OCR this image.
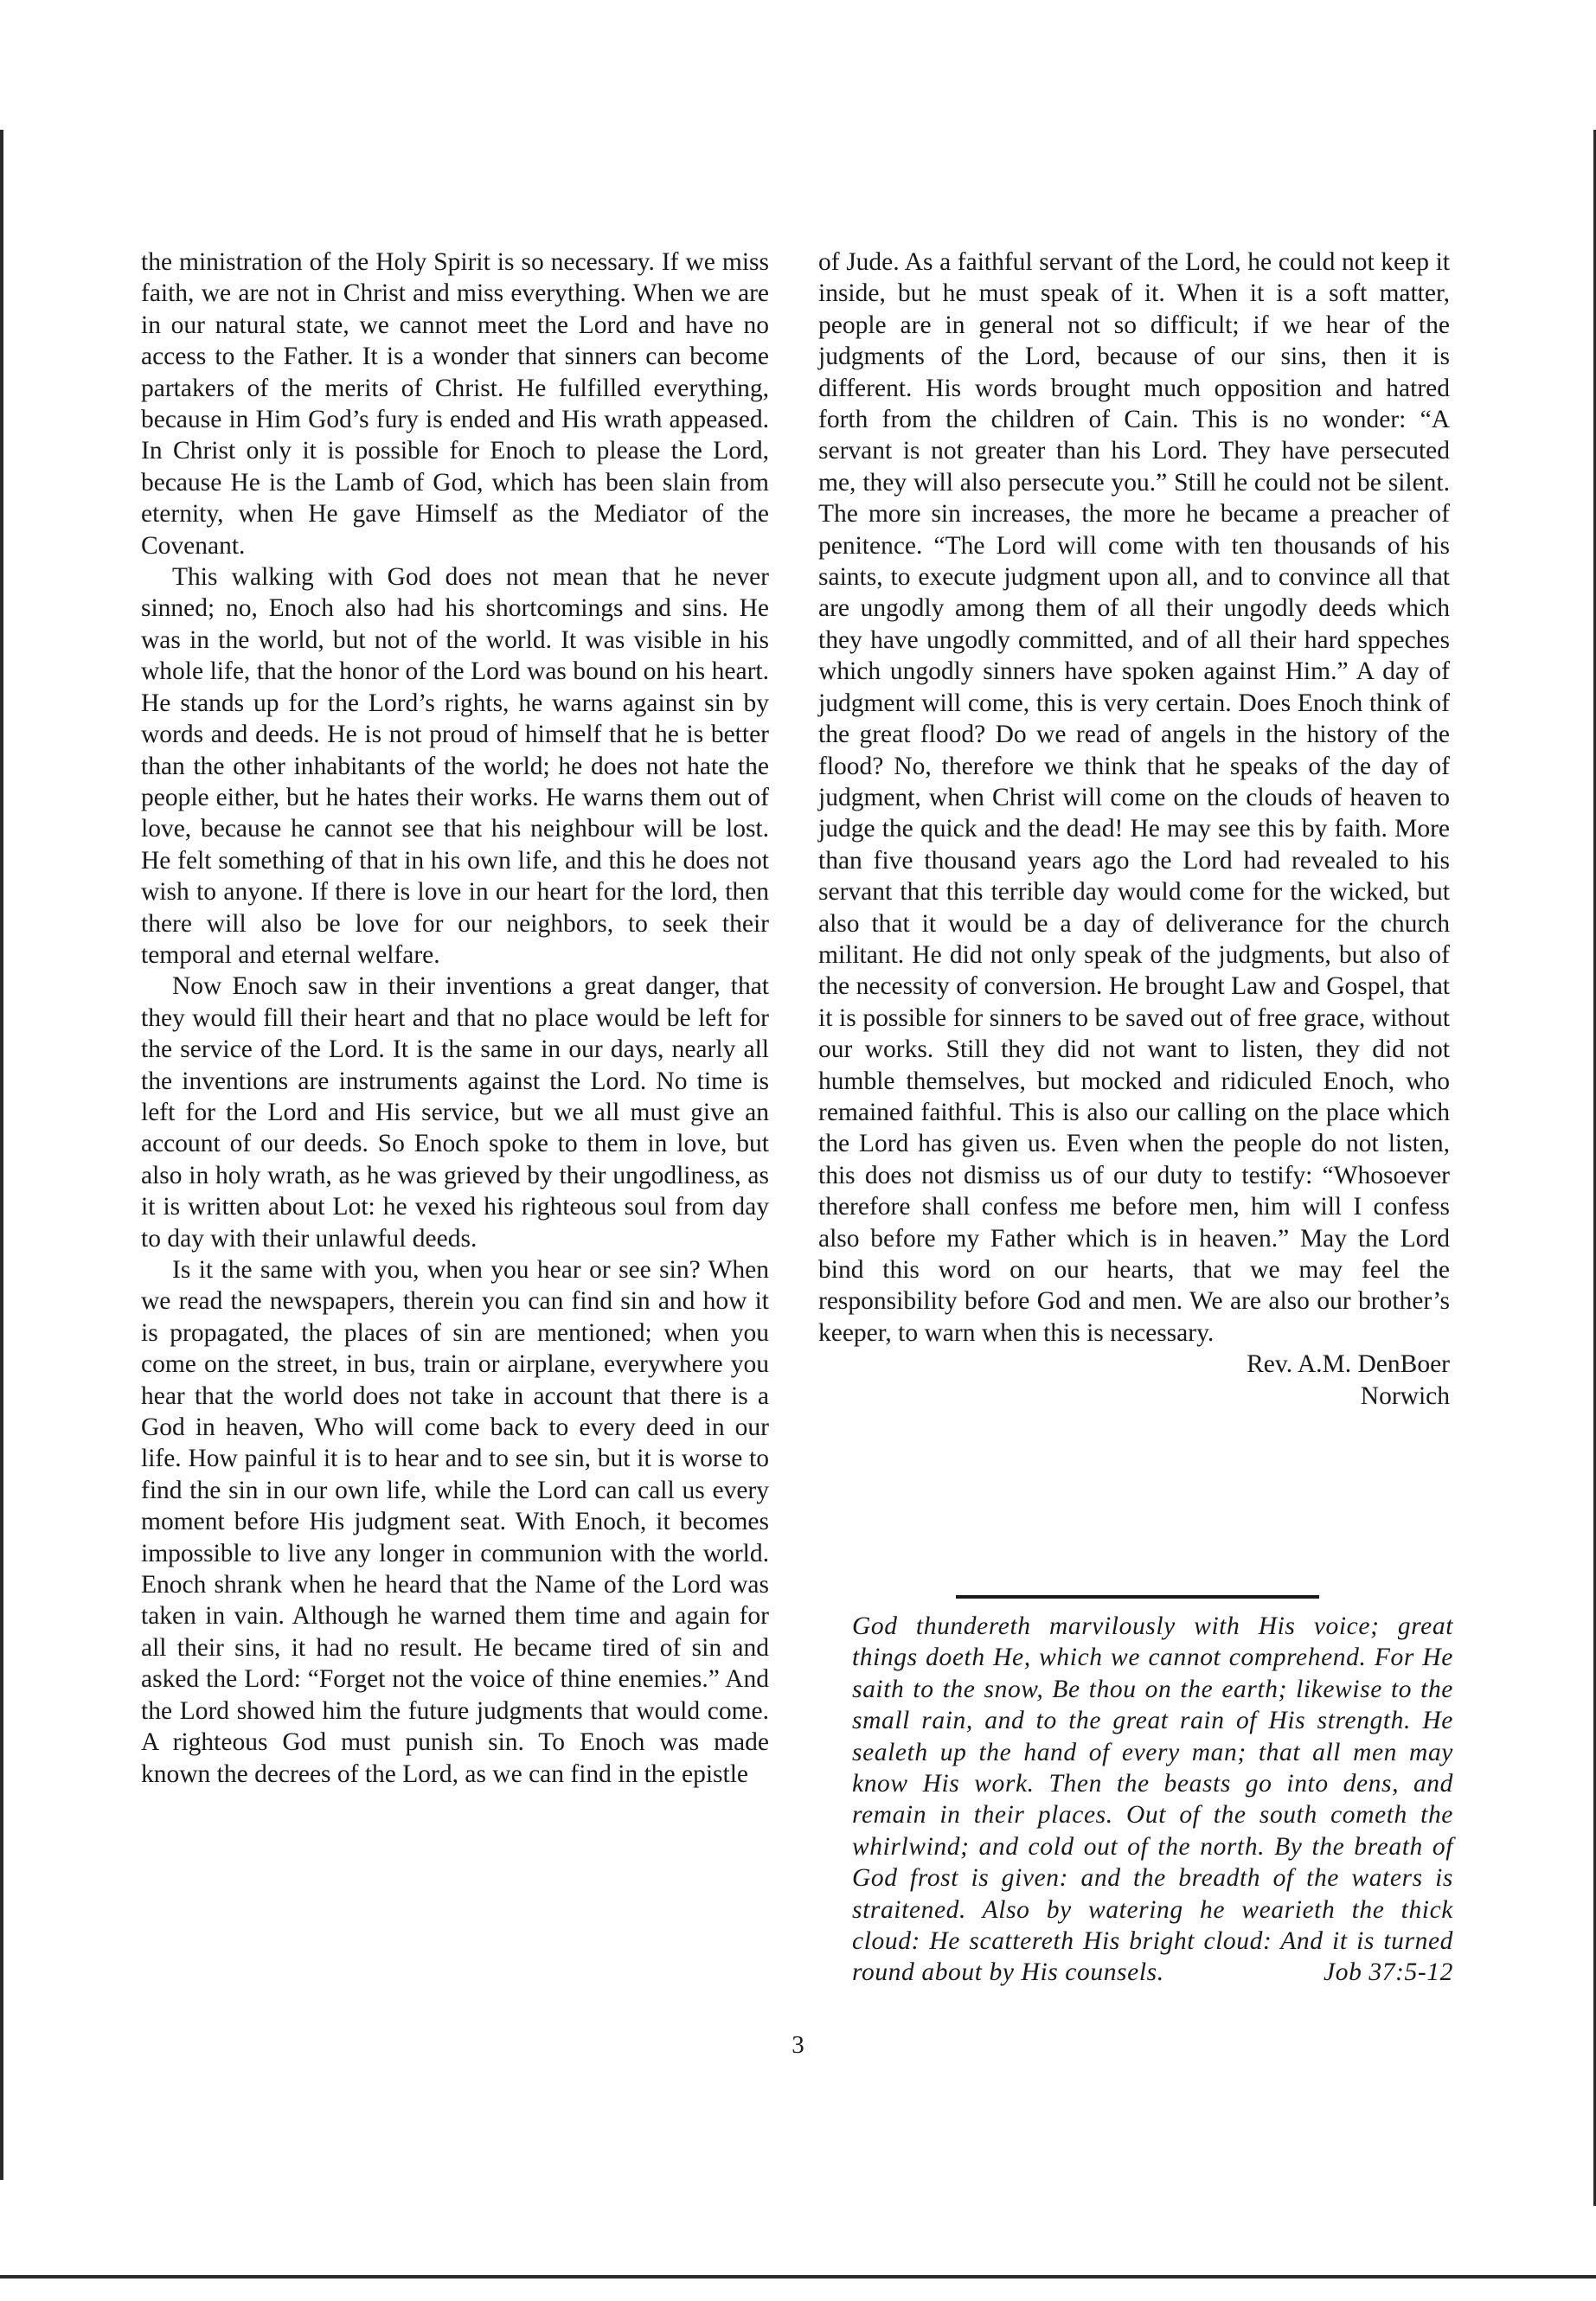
the ministration of the Holy Spirit is so necessary. If we miss faith, we are not in Christ and miss everything. When we are in our natural state, we cannot meet the Lord and have no access to the Father. It is a wonder that sinners can become partakers of the merits of Christ. He fulfilled everything, because in Him God’s fury is ended and His wrath appeased. In Christ only it is possible for Enoch to please the Lord, because He is the Lamb of God, which has been slain from eternity, when He gave Himself as the Mediator of the Covenant.

This walking with God does not mean that he never sinned; no, Enoch also had his shortcomings and sins. He was in the world, but not of the world. It was visible in his whole life, that the honor of the Lord was bound on his heart. He stands up for the Lord’s rights, he warns against sin by words and deeds. He is not proud of himself that he is better than the other inhabitants of the world; he does not hate the people either, but he hates their works. He warns them out of love, because he cannot see that his neighbour will be lost. He felt something of that in his own life, and this he does not wish to anyone. If there is love in our heart for the lord, then there will also be love for our neighbors, to seek their temporal and eternal welfare.

Now Enoch saw in their inventions a great danger, that they would fill their heart and that no place would be left for the service of the Lord. It is the same in our days, nearly all the inventions are instruments against the Lord. No time is left for the Lord and His service, but we all must give an account of our deeds. So Enoch spoke to them in love, but also in holy wrath, as he was grieved by their ungodliness, as it is written about Lot: he vexed his righteous soul from day to day with their unlawful deeds.

Is it the same with you, when you hear or see sin? When we read the newspapers, therein you can find sin and how it is propagated, the places of sin are mentioned; when you come on the street, in bus, train or airplane, everywhere you hear that the world does not take in account that there is a God in heaven, Who will come back to every deed in our life. How painful it is to hear and to see sin, but it is worse to find the sin in our own life, while the Lord can call us every moment before His judgment seat. With Enoch, it becomes impossible to live any longer in communion with the world. Enoch shrank when he heard that the Name of the Lord was taken in vain. Although he warned them time and again for all their sins, it had no result. He became tired of sin and asked the Lord: “Forget not the voice of thine enemies.” And the Lord showed him the future judgments that would come. A righteous God must punish sin. To Enoch was made known the decrees of the Lord, as we can find in the epistle

of Jude. As a faithful servant of the Lord, he could not keep it inside, but he must speak of it. When it is a soft matter, people are in general not so difficult; if we hear of the judgments of the Lord, because of our sins, then it is different. His words brought much opposition and hatred forth from the children of Cain. This is no wonder: “A servant is not greater than his Lord. They have persecuted me, they will also persecute you.” Still he could not be silent. The more sin increases, the more he became a preacher of penitence. “The Lord will come with ten thousands of his saints, to execute judgment upon all, and to convince all that are ungodly among them of all their ungodly deeds which they have ungodly committed, and of all their hard sppeches which ungodly sinners have spoken against Him.” A day of judgment will come, this is very certain. Does Enoch think of the great flood? Do we read of angels in the history of the flood? No, therefore we think that he speaks of the day of judgment, when Christ will come on the clouds of heaven to judge the quick and the dead! He may see this by faith. More than five thousand years ago the Lord had revealed to his servant that this terrible day would come for the wicked, but also that it would be a day of deliverance for the church militant. He did not only speak of the judgments, but also of the necessity of conversion. He brought Law and Gospel, that it is possible for sinners to be saved out of free grace, without our works. Still they did not want to listen, they did not humble themselves, but mocked and ridiculed Enoch, who remained faithful. This is also our calling on the place which the Lord has given us. Even when the people do not listen, this does not dismiss us of our duty to testify: “Whosoever therefore shall confess me before men, him will I confess also before my Father which is in heaven.” May the Lord bind this word on our hearts, that we may feel the responsibility before God and men. We are also our brother’s keeper, to warn when this is necessary.

Rev. A.M. DenBoer

Norwich

God thundereth marvilously with His voice; great things doeth He, which we cannot comprehend. For He saith to the snow, Be thou on the earth; likewise to the small rain, and to the great rain of His strength. He sealeth up the hand of every man; that all men may know His work. Then the beasts go into dens, and remain in their places. Out of the south cometh the whirlwind; and cold out of the north. By the breath of God frost is given: and the breadth of the waters is straitened. Also by watering he wearieth the thick cloud: He scattereth His bright cloud: And it is turned round about by His counsels.	Job 37:5-12

3
